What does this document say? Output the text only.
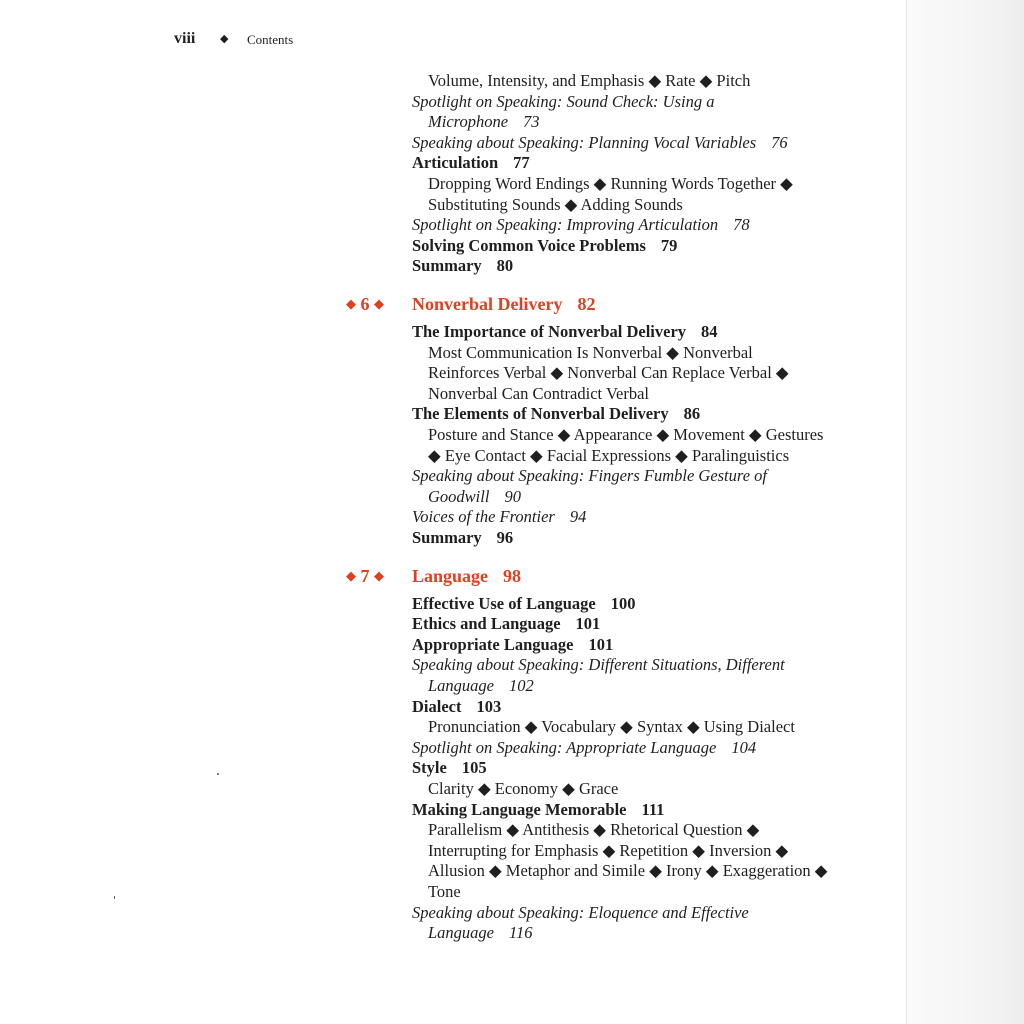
viii ◆ Contents
Volume, Intensity, and Emphasis ◆ Rate ◆ Pitch
Spotlight on Speaking: Sound Check: Using a
Microphone 73
Speaking about Speaking: Planning Vocal Variables 76
Articulation 77
Dropping Word Endings ◆ Running Words Together ◆
Substituting Sounds ◆ Adding Sounds
Spotlight on Speaking: Improving Articulation 78
Solving Common Voice Problems 79
Summary 80
◆ 6 ◆ Nonverbal Delivery 82
The Importance of Nonverbal Delivery 84
Most Communication Is Nonverbal ◆ Nonverbal
Reinforces Verbal ◆ Nonverbal Can Replace Verbal ◆
Nonverbal Can Contradict Verbal
The Elements of Nonverbal Delivery 86
Posture and Stance ◆ Appearance ◆ Movement ◆ Gestures
◆ Eye Contact ◆ Facial Expressions ◆ Paralinguistics
Speaking about Speaking: Fingers Fumble Gesture of
Goodwill 90
Voices of the Frontier 94
Summary 96
◆ 7 ◆ Language 98
Effective Use of Language 100
Ethics and Language 101
Appropriate Language 101
Speaking about Speaking: Different Situations, Different
Language 102
Dialect 103
Pronunciation ◆ Vocabulary ◆ Syntax ◆ Using Dialect
Spotlight on Speaking: Appropriate Language 104
Style 105
Clarity ◆ Economy ◆ Grace
Making Language Memorable 111
Parallelism ◆ Antithesis ◆ Rhetorical Question ◆
Interrupting for Emphasis ◆ Repetition ◆ Inversion ◆
Allusion ◆ Metaphor and Simile ◆ Irony ◆ Exaggeration ◆
Tone
Speaking about Speaking: Eloquence and Effective
Language 116
